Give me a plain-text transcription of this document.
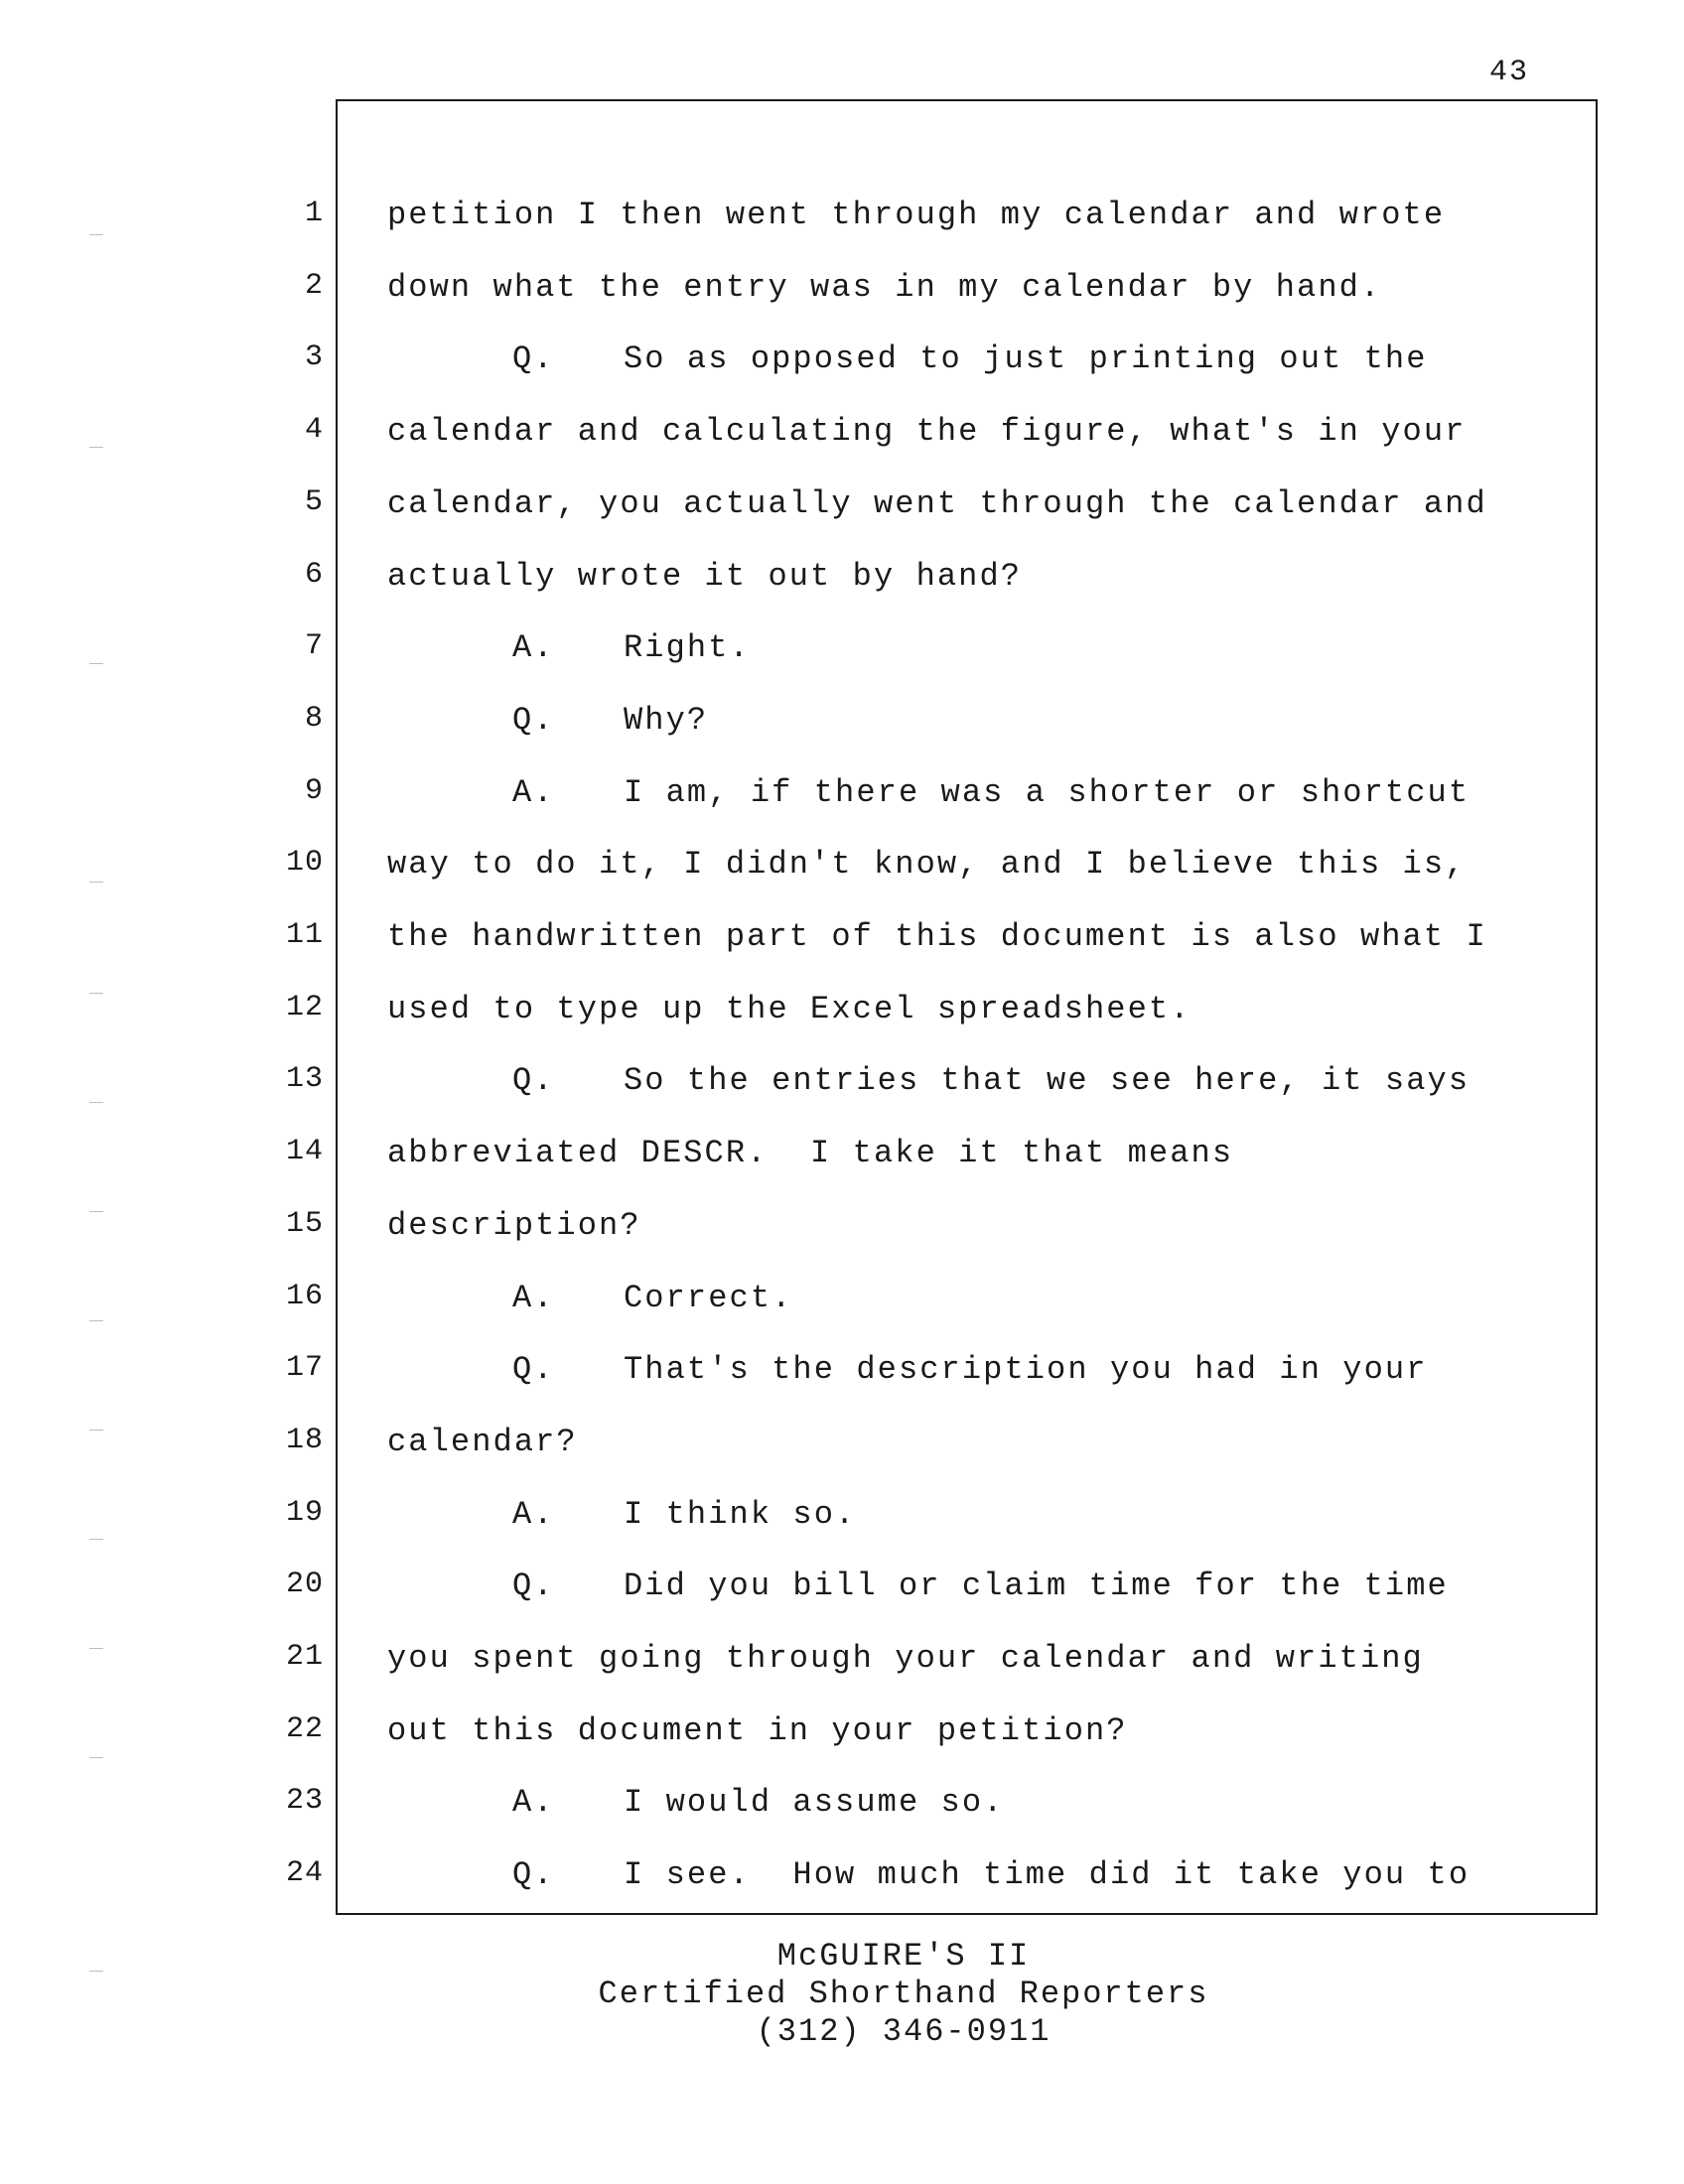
43
1 petition I then went through my calendar and wrote
2 down what the entry was in my calendar by hand.
3	Q. So as opposed to just printing out the
4 calendar and calculating the figure, what's in your
5 calendar, you actually went through the calendar and
6 actually wrote it out by hand?
7	A. Right.
8	Q. Why?
9	A. I am, if there was a shorter or shortcut
10 way to do it, I didn't know, and I believe this is,
11 the handwritten part of this document is also what I
12 used to type up the Excel spreadsheet.
13	Q. So the entries that we see here, it says
14 abbreviated DESCR.  I take it that means
15 description?
16	A. Correct.
17	Q. That's the description you had in your
18 calendar?
19	A. I think so.
20	Q. Did you bill or claim time for the time
21 you spent going through your calendar and writing
22 out this document in your petition?
23	A. I would assume so.
24	Q. I see.  How much time did it take you to
McGUIRE'S II
Certified Shorthand Reporters
(312) 346-0911
